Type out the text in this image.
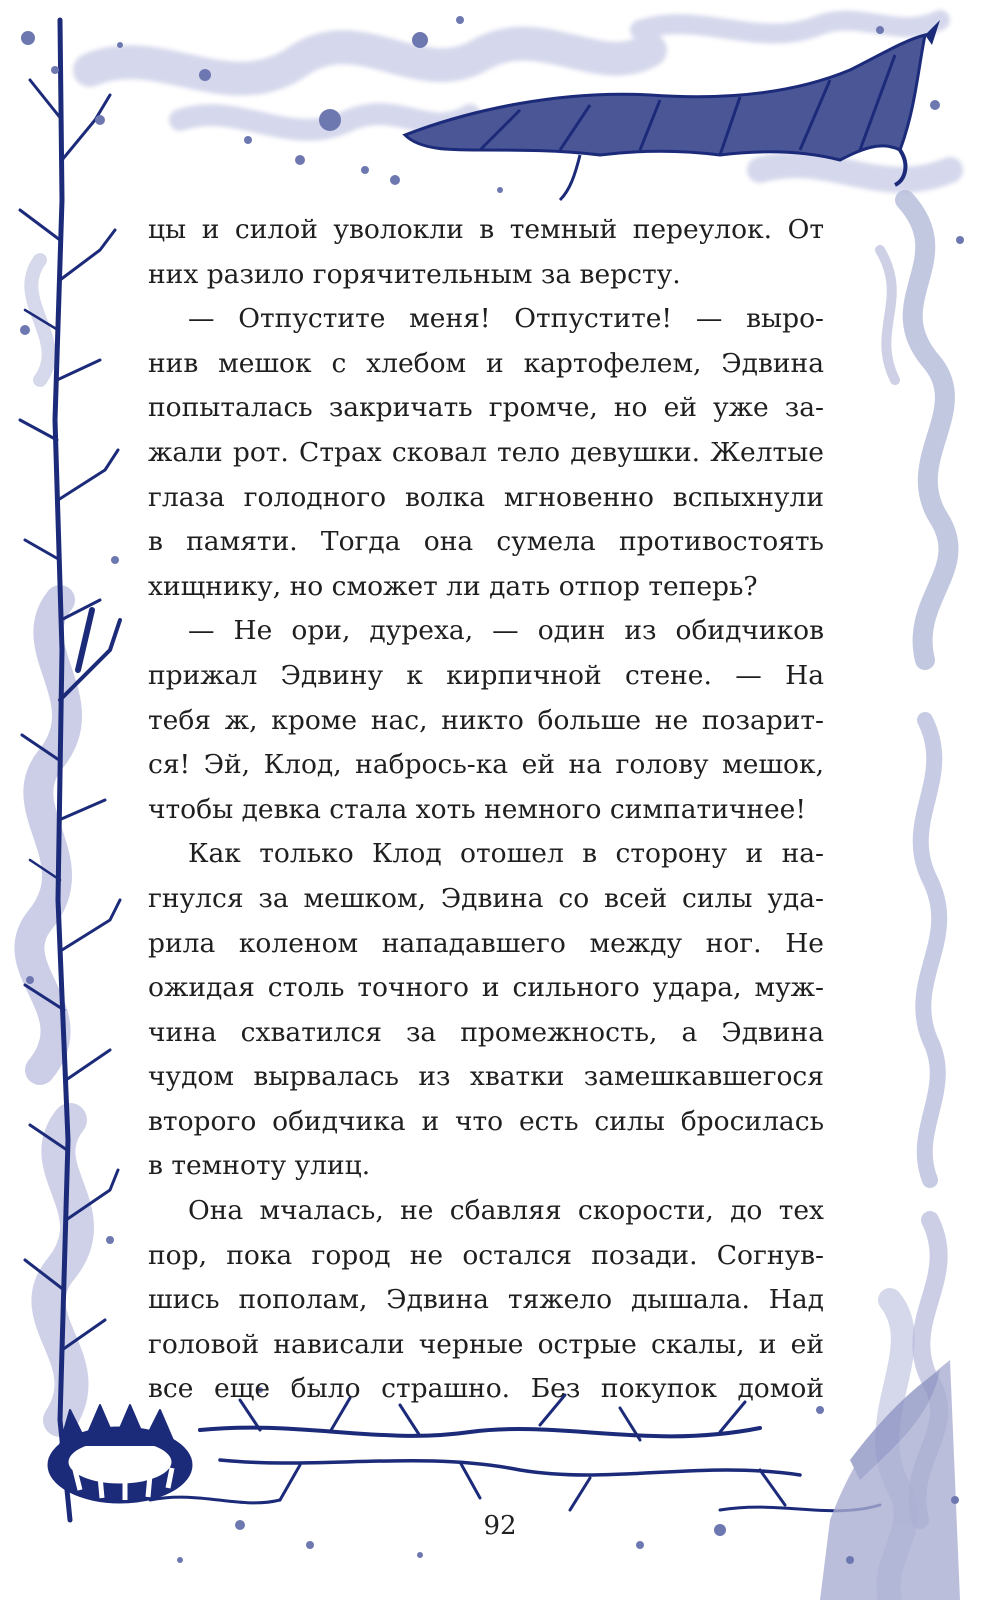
цы и силой уволокли в темный переулок. От
них разило горячительным за версту.
— Отпустите меня! Отпустите! — выро-
нив мешок с хлебом и картофелем, Эдвина
попыталась закричать громче, но ей уже за-
жали рот. Страх сковал тело девушки. Желтые
глаза голодного волка мгновенно вспыхнули
в памяти. Тогда она сумела противостоять
хищнику, но сможет ли дать отпор теперь?
— Не ори, дуреха, — один из обидчиков
прижал Эдвину к кирпичной стене. — На
тебя ж, кроме нас, никто больше не позарит-
ся! Эй, Клод, набрось-ка ей на голову мешок,
чтобы девка стала хоть немного симпатичнее!
Как только Клод отошел в сторону и на-
гнулся за мешком, Эдвина со всей силы уда-
рила коленом нападавшего между ног. Не
ожидая столь точного и сильного удара, муж-
чина схватился за промежность, а Эдвина
чудом вырвалась из хватки замешкавшегося
второго обидчика и что есть силы бросилась
в темноту улиц.
Она мчалась, не сбавляя скорости, до тех
пор, пока город не остался позади. Согнув-
шись пополам, Эдвина тяжело дышала. Над
головой нависали черные острые скалы, и ей
все еще было страшно. Без покупок домой
92
